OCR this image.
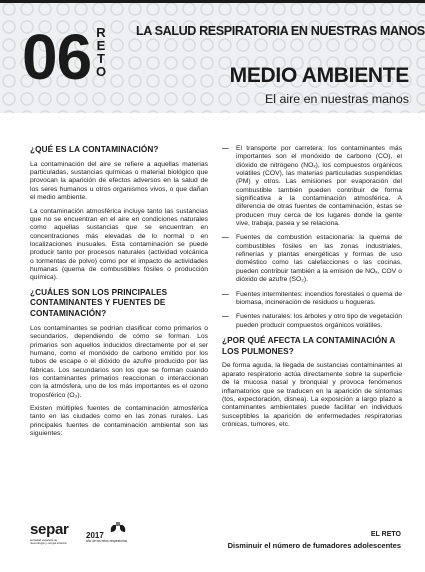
06 R
E
T
O
LA SALUD RESPIRATORIA EN NUESTRAS MANOS
MEDIO AMBIENTE
El aire en nuestras manos
¿QUÉ ES LA CONTAMINACIÓN?

La contaminación del aire se refiere a aquellas materias particuladas, sustancias químicas o material biológico que provocan la aparición de efectos adversos en la salud de los seres humanos u otros organismos vivos, o que dañan el medio ambiente.

La contaminación atmosférica incluye tanto las sustancias que no se encuentran en el aire en condiciones naturales como aquellas sustancias que se encuentran en concentraciones más elevadas de lo normal o en localizaciones inusuales. Esta contaminación se puede producir tanto por procesos naturales (actividad volcánica o tormentas de polvo) como por el impacto de actividades humanas (quema de combustibles fósiles o producción química).

¿CUÁLES SON LOS PRINCIPALES CONTAMINANTES Y FUENTES DE CONTAMINACIÓN?

Los contaminantes se podrían clasificar como primarios o secundarios, dependiendo de cómo se forman. Los primarios son aquellos inducidos directamente por el ser humano, como el monóxido de carbono emitido por los tubos de escape o el dióxido de azufre producido por las fábricas. Los secundarios son los que se forman cuando los contaminantes primarios reaccionan o interaccionan con la atmósfera, uno de los más importantes es el ozono troposférico (O₃).

Existen múltiples fuentes de contaminación atmosférica tanto en las ciudades como en las zonas rurales. Las principales fuentes de contaminación ambiental son las siguientes:

—	El transporte por carretera: los contaminantes más importantes son el monóxido de carbono (CO), el dióxido de nitrógeno (NOₓ), los compuestos orgánicos volátiles (COV), las materias particuladas suspendidas (PM) y otros. Las emisiones por evaporación del combustible también pueden contribuir de forma significativa a la contaminación atmosférica. A diferencia de otras fuentes de contaminación, éstas se producen muy cerca de los lugares donde la gente vive, trabaja, pasea y se relaciona.

—	Fuentes de combustión estacionaria: la quema de combustibles fósiles en las zonas industriales, refinerías y plantas energéticas y formas de uso doméstico como las calefacciones o las cocinas, pueden contribuir también a la emisión de NOₓ, COV o dióxido de azufre (SO₂).

—	Fuentes intermitentes: incendios forestales o quema de biomasa, incineración de residuos u hogueras.

—	Fuentes naturales: los árboles y otro tipo de vegetación pueden producir compuestos orgánicos volátiles.

¿POR QUÉ AFECTA LA CONTAMINACIÓN A LOS PULMONES?

De forma aguda, la llegada de sustancias contaminantes al aparato respiratorio actúa directamente sobre la superficie de la mucosa nasal y bronquial y provoca fenómenos inflamatorios que se traducen en la aparición de síntomas (tos, expectoración, disnea). La exposición a largo plazo a contaminantes ambientales puede facilitar en individuos susceptibles la aparición de enfermedades respiratorias crónicas, tumores, etc.

separ
sociedad española de neumología y cirugía torácica
2017
año de los retos respiratorios
EL RETO
Disminuir el número de fumadores adolescentes
